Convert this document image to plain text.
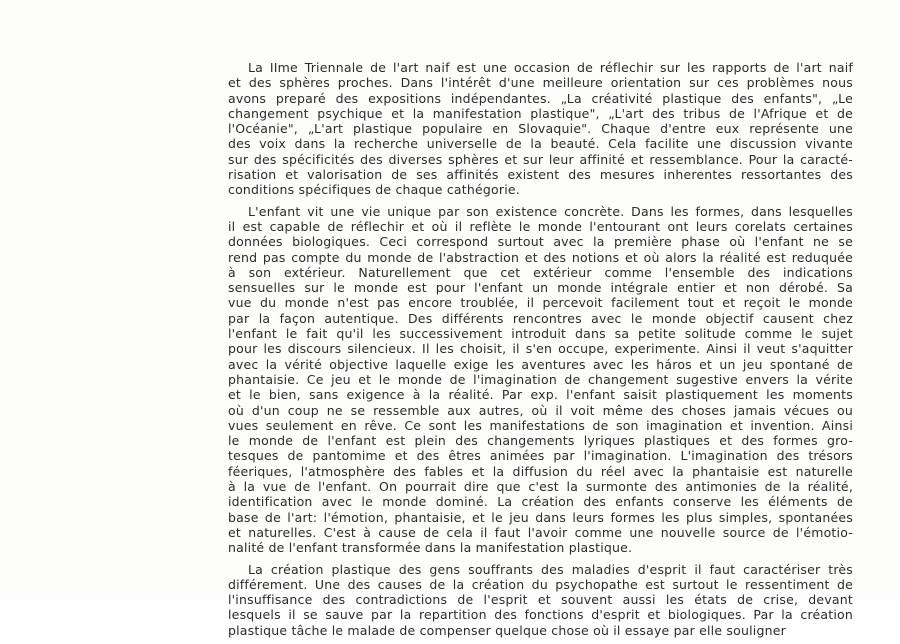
La IIme Triennale de l'art naif est une occasion de réflechir sur les rapports de l'art naif
et des sphères proches. Dans l'intérêt d'une meilleure orientation sur ces problèmes nous
avons preparé des expositions indépendantes. „La créativité plastique des enfants", „Le
changement psychique et la manifestation plastique", „L'art des tribus de l'Afrique et de
l'Océanie", „L'art plastique populaire en Slovaquie". Chaque d'entre eux représente une
des voix dans la recherche universelle de la beauté. Cela facilite une discussion vivante
sur des spécificités des diverses sphères et sur leur affinité et ressemblance. Pour la caracté-
risation et valorisation de ses affinités existent des mesures inherentes ressortantes des
conditions spécifiques de chaque cathégorie.
L'enfant vit une vie unique par son existence concrète. Dans les formes, dans lesquelles
il est capable de réflechir et où il reflète le monde l'entourant ont leurs corelats certaines
données biologiques. Ceci correspond surtout avec la première phase où l'enfant ne se
rend pas compte du monde de l'abstraction et des notions et où alors la réalité est reduquée
à son extérieur. Naturellement que cet extérieur comme l'ensemble des indications
sensuelles sur le monde est pour l'enfant un monde intégrale entier et non dérobé. Sa
vue du monde n'est pas encore troublée, il percevoit facilement tout et reçoit le monde
par la façon autentique. Des différents rencontres avec le monde objectif causent chez
l'enfant le fait qu'il les successivement introduit dans sa petite solitude comme le sujet
pour les discours silencieux. Il les choisit, il s'en occupe, experimente. Ainsi il veut s'aquitter
avec la vérité objective laquelle exige les aventures avec les háros et un jeu spontané de
phantaisie. Ce jeu et le monde de l'imagination de changement sugestive envers la vérite
et le bien, sans exigence à la réalité. Par exp. l'enfant saisit plastiquement les moments
où d'un coup ne se ressemble aux autres, où il voit même des choses jamais vécues ou
vues seulement en rêve. Ce sont les manifestations de son imagination et invention. Ainsi
le monde de l'enfant est plein des changements lyriques plastiques et des formes gro-
tesques de pantomime et des êtres animées par l'imagination. L'imagination des trésors
féeriques, l'atmosphère des fables et la diffusion du réel avec la phantaisie est naturelle
à la vue de l'enfant. On pourrait dire que c'est la surmonte des antimonies de la réalité,
identification avec le monde dominé. La création des enfants conserve les éléments de
base de l'art: l'émotion, phantaisie, et le jeu dans leurs formes les plus simples, spontanées
et naturelles. C'est à cause de cela il faut l'avoir comme une nouvelle source de l'émotio-
nalité de l'enfant transformée dans la manifestation plastique.
La création plastique des gens souffrants des maladies d'esprit il faut caractériser très
différement. Une des causes de la création du psychopathe est surtout le ressentiment de
l'insuffisance des contradictions de l'esprit et souvent aussi les états de crise, devant
lesquels il se sauve par la repartition des fonctions d'esprit et biologiques. Par la création
plastique tâche le malade de compenser quelque chose où il essaye par elle souligner
